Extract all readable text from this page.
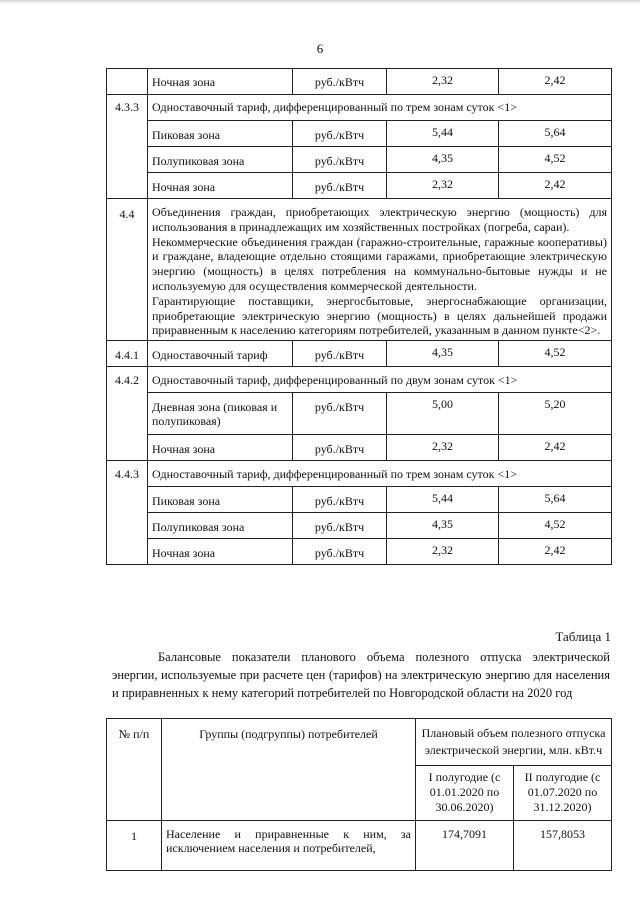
6
	Ночная зона	руб./кВтч	2,32	2,42
4.3.3	Одноставочный тариф, дифференцированный по трем зонам суток <1>			
	Пиковая зона	руб./кВтч	5,44	5,64
	Полупиковая зона	руб./кВтч	4,35	4,52
	Ночная зона	руб./кВтч	2,32	2,42
4.4	Объединения граждан, приобретающих электрическую энергию (мощность) для использования в принадлежащих им хозяйственных постройках (погреба, сараи).
Некоммерческие объединения граждан (гаражно-строительные, гаражные кооперативы) и граждане, владеющие отдельно стоящими гаражами, приобретающие электрическую энергию (мощность) в целях потребления на коммунально-бытовые нужды и не используемую для осуществления коммерческой деятельности.
Гарантирующие поставщики, энергосбытовые, энергоснабжающие организации, приобретающие электрическую энергию (мощность) в целях дальнейшей продажи приравненным к населению категориям потребителей, указанным в данном пункте<2>.			

4.4.1	Одноставочный тариф	руб./кВтч	4,35	4,52
4.4.2	Одноставочный тариф, дифференцированный по двум зонам суток <1>			
	Дневная зона (пиковая и полупиковая)	руб./кВтч	5,00	5,20
	Ночная зона	руб./кВтч	2,32	2,42
4.4.3	Одноставочный тариф, дифференцированный по трем зонам суток <1>			
	Пиковая зона	руб./кВтч	5,44	5,64
	Полупиковая зона	руб./кВтч	4,35	4,52
	Ночная зона	руб./кВтч	2,32	2,42
Таблица 1
Балансовые показатели планового объема полезного отпуска электрической энергии, используемые при расчете цен (тарифов) на электрическую энергию для населения и приравненных к нему категорий потребителей по Новгородской области на 2020 год
№ п/п	Группы (подгруппы) потребителей	Плановый объем полезного отпуска электрической энергии, млн. кВт.ч	
		I полугодие (с 01.01.2020 по 30.06.2020)	II полугодие (с 01.07.2020 по 31.12.2020)
1	Население и приравненные к ним, за исключением населения и потребителей,	174,7091	157,8053
